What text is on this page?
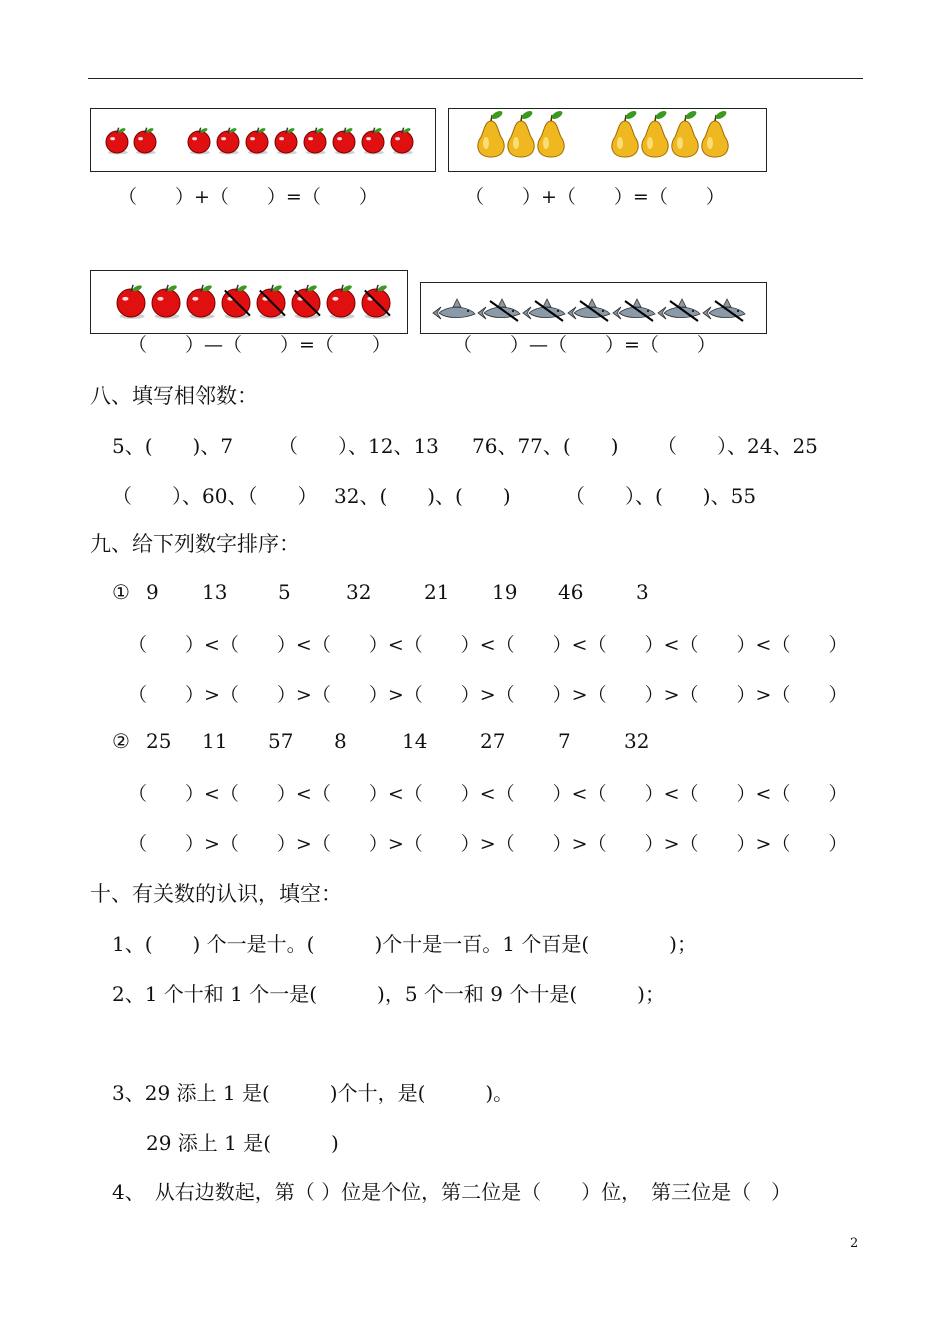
（　　）+（　　）=（　　）	（　　）+（　　）=（　　）
（　　）—（　　）=（　　）	（　　）—（　　）=（　　）
八、填写相邻数：
5、(　　)、7 （　　）、12、13 76、77、(　　) （　　）、24、25
（　　）、60、（　　） 32、(　　)、(　　)	（　　）、(　　)、55
九、给下列数字排序：
① 9 13	5	32	21 19 46	3
（　　）<（　　）<（　　）<（　　）<（　　）<（　　）<（　　）<（　　）
（　　）>（　　）>（　　）>（　　）>（　　）>（　　）>（　　）>（　　）
② 25 11 57 8	14	27	7	32
（　　）<（　　）<（　　）<（　　）<（　　）<（　　）<（　　）<（　　）
（　　）>（　　）>（　　）>（　　）>（　　）>（　　）>（　　）>（　　）
十、有关数的认识，填空：
1、(　　) 个一是十。(　　　)个十是一百。1 个百是(　　　　)；
2、1 个十和 1 个一是(　　　)，5 个一和 9 个十是(　　　)；
3、29 添上 1 是(　　　)个十，是(　　　)。
29 添上 1 是(　　　)
4、　从右边数起，第（ ）位是个位，第二位是（　　）位，　第三位是（　）
2
